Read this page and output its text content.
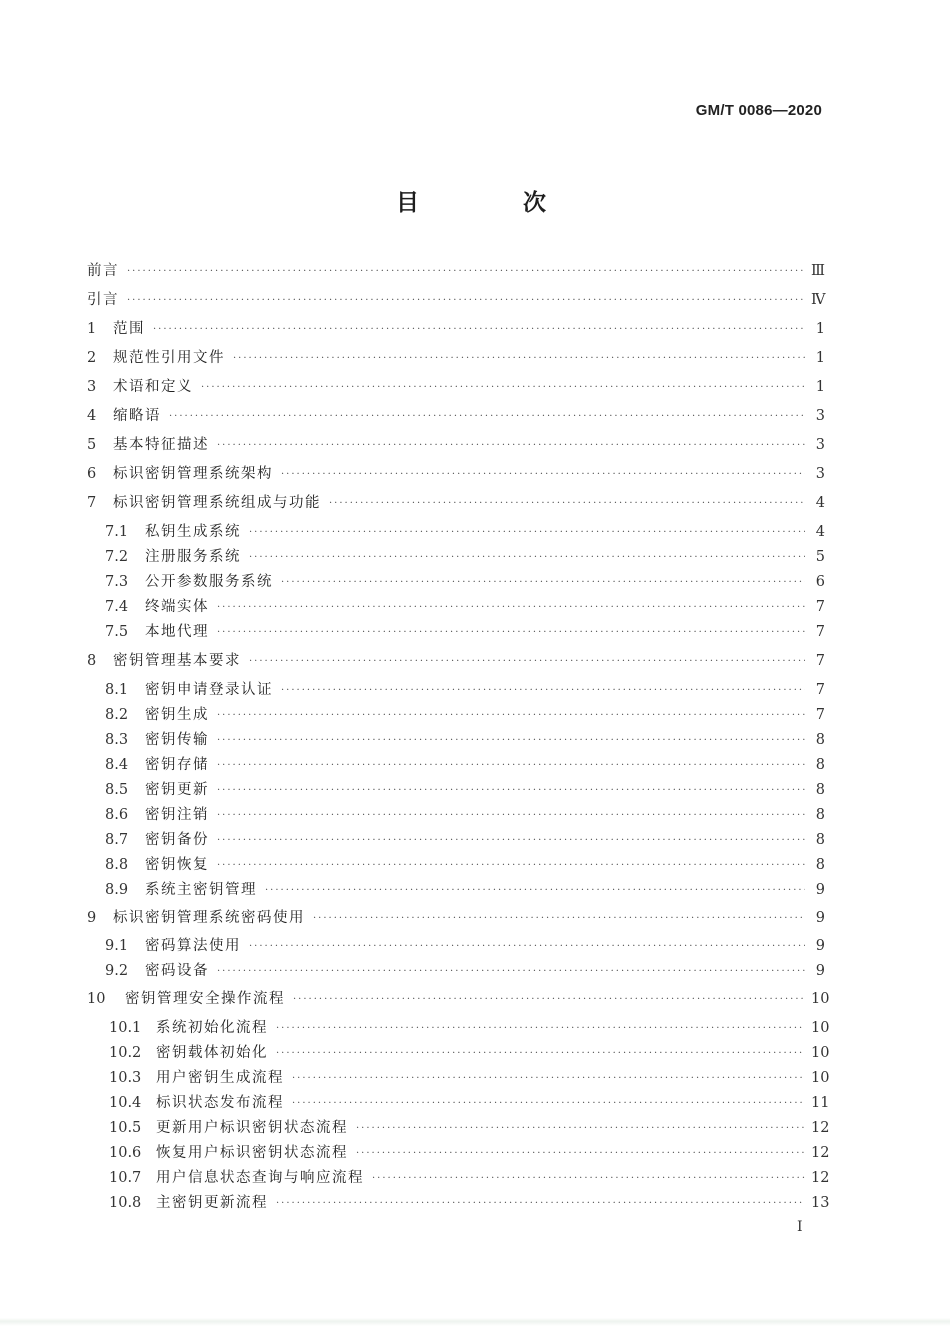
GM/T 0086—2020
目 次
前言 ·····	Ⅲ
引言 ·····	Ⅳ
1	范围 ·····	1
2	规范性引用文件 ·····	1
3	术语和定义 ·····	1
4	缩略语 ·····	3
5	基本特征描述 ·····	3
6	标识密钥管理系统架构 ·····	3
7	标识密钥管理系统组成与功能 ·····	4
7.1	私钥生成系统 ·····	4
7.2	注册服务系统 ·····	5
7.3	公开参数服务系统 ·····	6
7.4	终端实体 ·····	7
7.5	本地代理 ·····	7
8	密钥管理基本要求 ·····	7
8.1	密钥申请登录认证 ·····	7
8.2	密钥生成 ·····	7
8.3	密钥传输 ·····	8
8.4	密钥存储 ·····	8
8.5	密钥更新 ·····	8
8.6	密钥注销 ·····	8
8.7	密钥备份 ·····	8
8.8	密钥恢复 ·····	8
8.9	系统主密钥管理 ·····	9
9	标识密钥管理系统密码使用 ·····	9
9.1	密码算法使用 ·····	9
9.2	密码设备 ·····	9
10	密钥管理安全操作流程 ·····	10
10.1	系统初始化流程 ·····	10
10.2	密钥载体初始化 ·····	10
10.3	用户密钥生成流程 ·····	10
10.4	标识状态发布流程 ·····	11
10.5	更新用户标识密钥状态流程 ·····	12
10.6	恢复用户标识密钥状态流程 ·····	12
10.7	用户信息状态查询与响应流程 ·····	12
10.8	主密钥更新流程 ·····	13
I
